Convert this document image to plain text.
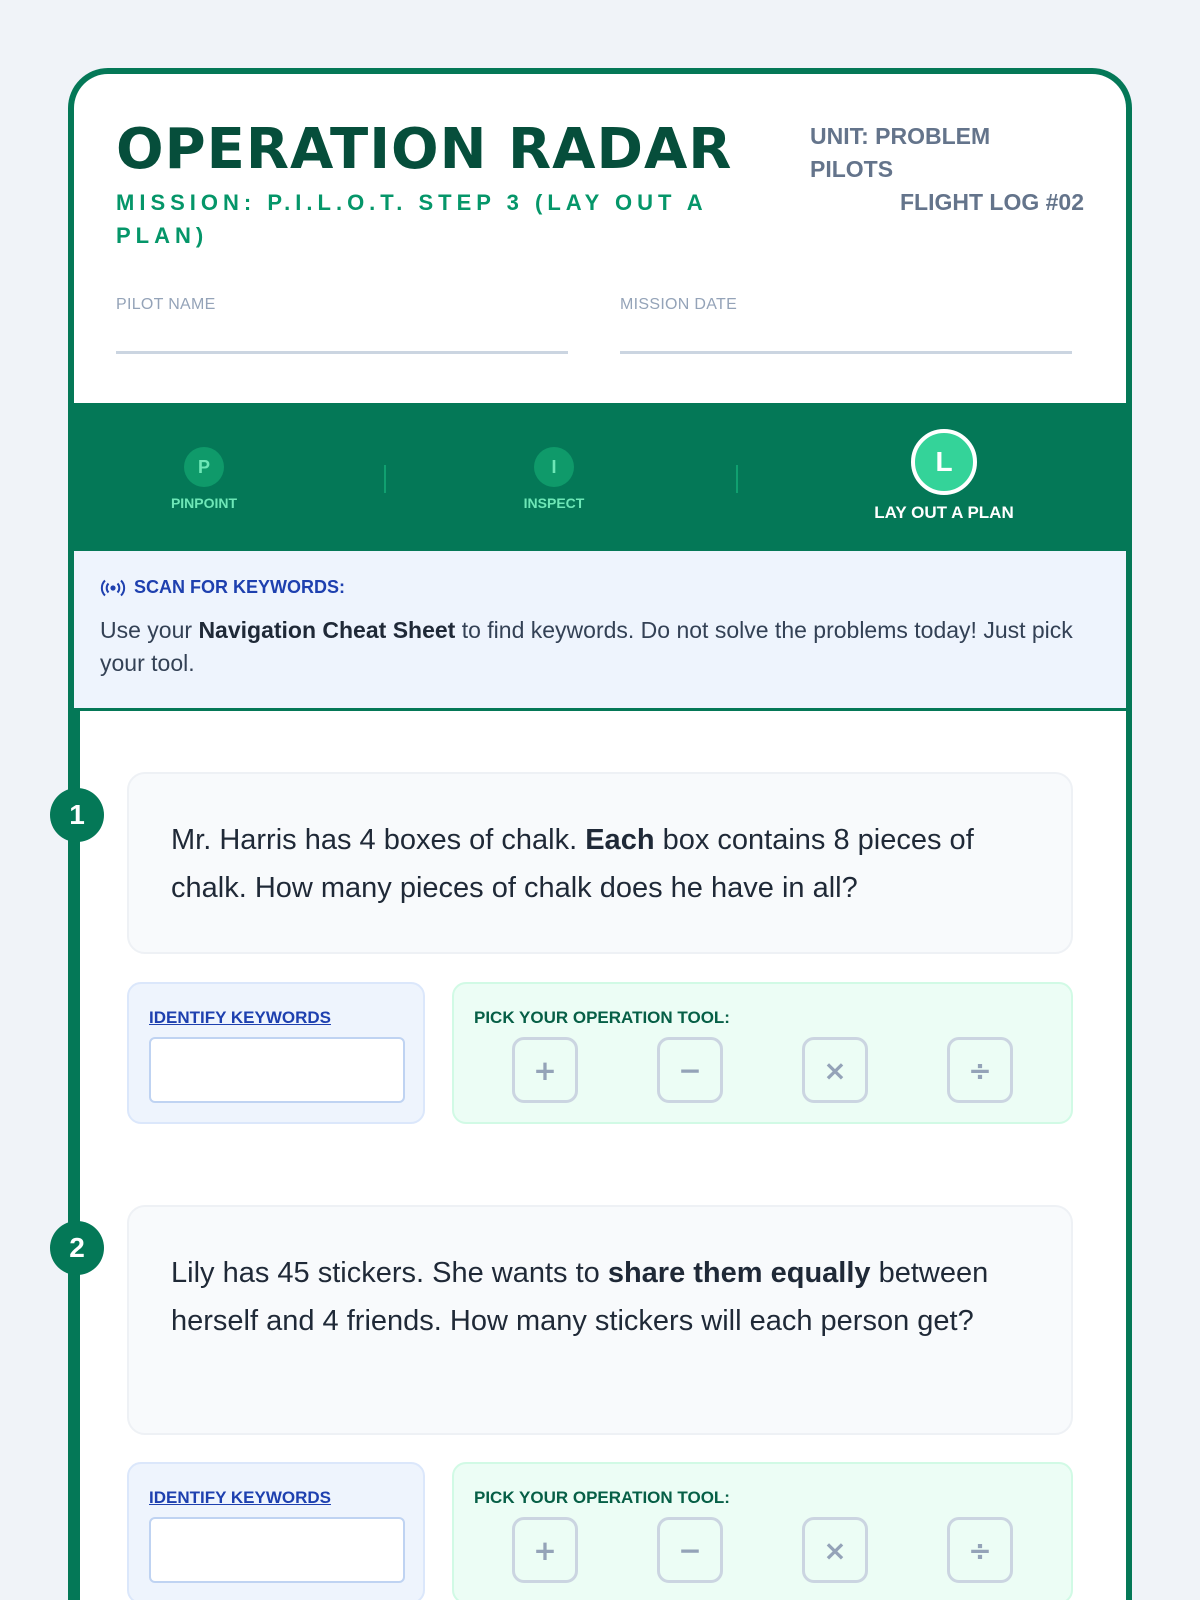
OPERATION RADAR
MISSION: P.I.L.O.T. STEP 3 (LAY OUT A PLAN)
UNIT: PROBLEM PILOTS
FLIGHT LOG #02
PILOT NAME	MISSION DATE
P
PINPOINT
I
INSPECT
L
LAY OUT A PLAN
SCAN FOR KEYWORDS:
Use your Navigation Cheat Sheet to find keywords. Do not solve the problems today! Just pick your tool.
1
Mr. Harris has 4 boxes of chalk. Each box contains 8 pieces of chalk. How many pieces of chalk does he have in all?
IDENTIFY KEYWORDS	PICK YOUR OPERATION TOOL:
+	−	×	÷
2
Lily has 45 stickers. She wants to share them equally between herself and 4 friends. How many stickers will each person get?
IDENTIFY KEYWORDS	PICK YOUR OPERATION TOOL:
+	−	×	÷
